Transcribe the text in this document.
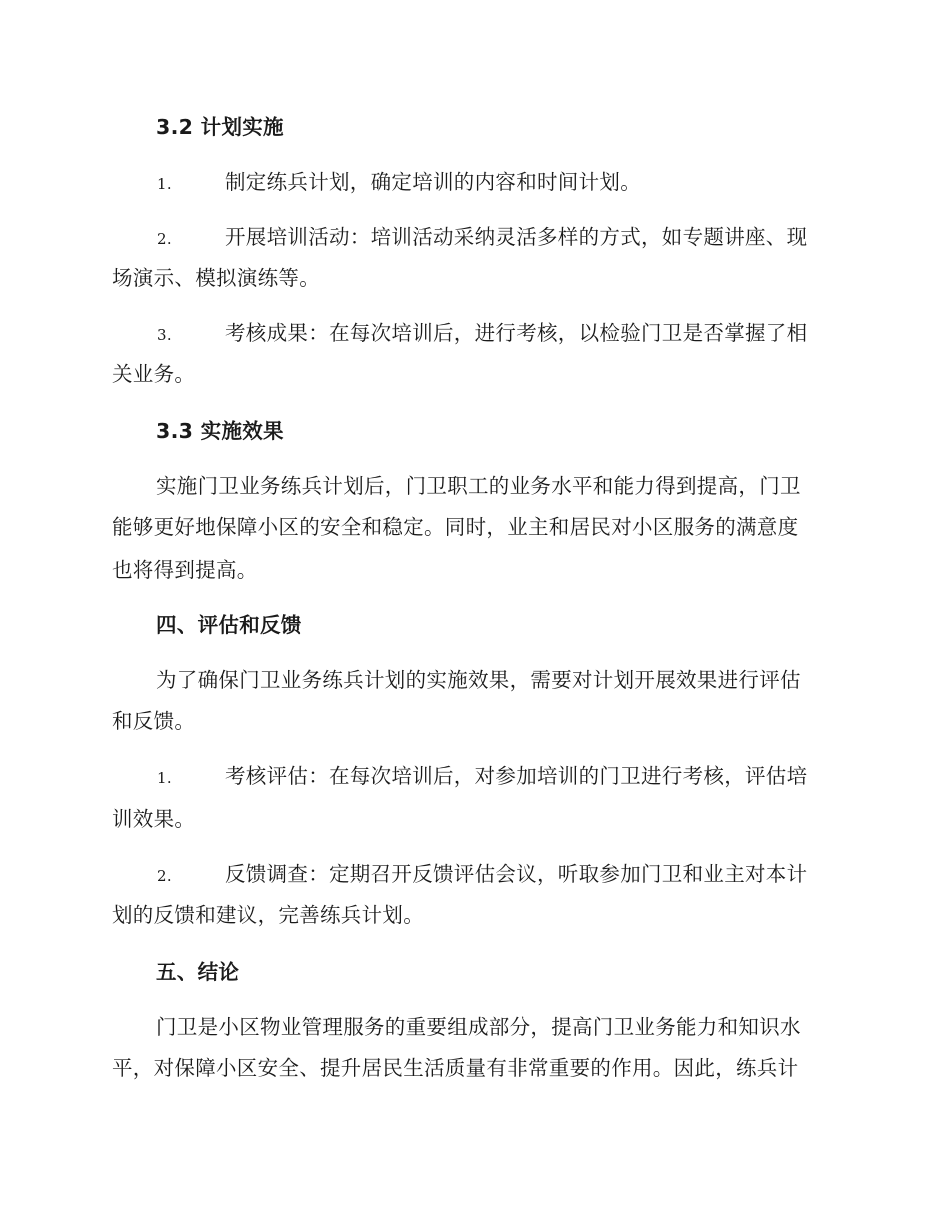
3.2 计划实施
1.	制定练兵计划，确定培训的内容和时间计划。
2.	开展培训活动：培训活动采纳灵活多样的方式，如专题讲座、现
场演示、模拟演练等。
3.	考核成果：在每次培训后，进行考核，以检验门卫是否掌握了相
关业务。
3.3 实施效果
实施门卫业务练兵计划后，门卫职工的业务水平和能力得到提高，门卫
能够更好地保障小区的安全和稳定。同时，业主和居民对小区服务的满意度
也将得到提高。
四、评估和反馈
为了确保门卫业务练兵计划的实施效果，需要对计划开展效果进行评估
和反馈。
1.	考核评估：在每次培训后，对参加培训的门卫进行考核，评估培
训效果。
2.	反馈调查：定期召开反馈评估会议，听取参加门卫和业主对本计
划的反馈和建议，完善练兵计划。
五、结论
门卫是小区物业管理服务的重要组成部分，提高门卫业务能力和知识水
平，对保障小区安全、提升居民生活质量有非常重要的作用。因此，练兵计
